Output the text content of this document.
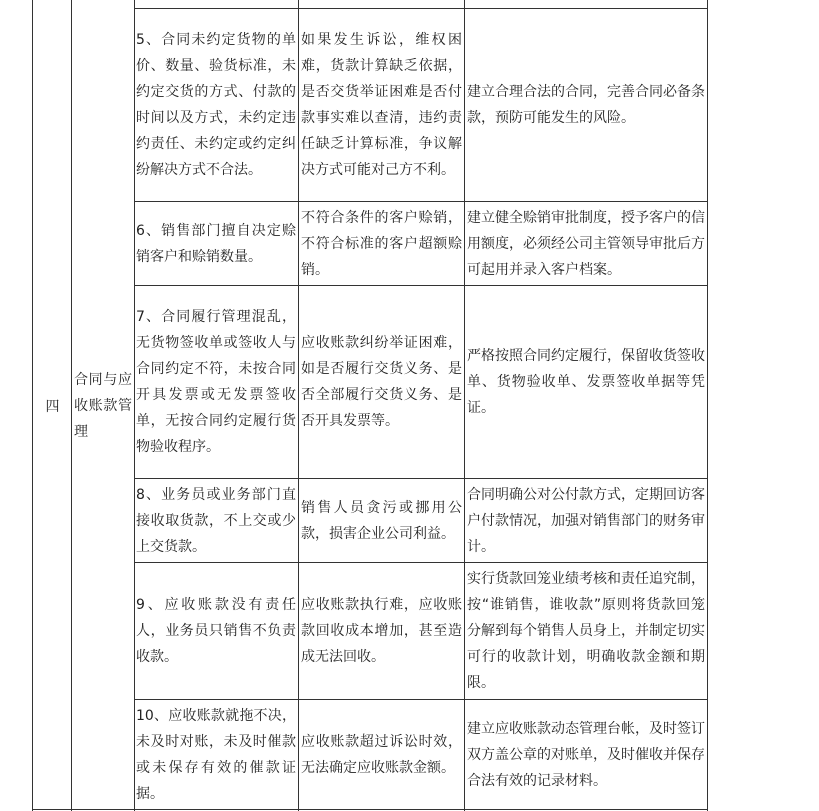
四
合同与应收账款管理
5、合同未约定货物的单价、数量、验货标准，未约定交货的方式、付款的时间以及方式，未约定违约责任、未约定或约定纠纷解决方式不合法。
如果发生诉讼，维权困难，货款计算缺乏依据，是否交货举证困难是否付款事实难以查清，违约责任缺乏计算标准，争议解决方式可能对己方不利。
建立合理合法的合同，完善合同必备条款，预防可能发生的风险。
6、销售部门擅自决定赊销客户和赊销数量。
不符合条件的客户赊销，不符合标准的客户超额赊销。
建立健全赊销审批制度，授予客户的信用额度，必须经公司主管领导审批后方可起用并录入客户档案。
7、合同履行管理混乱，无货物签收单或签收人与合同约定不符，未按合同开具发票或无发票签收单，无按合同约定履行货物验收程序。
应收账款纠纷举证困难，如是否履行交货义务、是否全部履行交货义务、是否开具发票等。
严格按照合同约定履行，保留收货签收单、货物验收单、发票签收单据等凭证。
8、业务员或业务部门直接收取货款，不上交或少上交货款。
销售人员贪污或挪用公款，损害企业公司利益。
合同明确公对公付款方式，定期回访客户付款情况，加强对销售部门的财务审计。
9、应收账款没有责任人，业务员只销售不负责收款。
应收账款执行难，应收账款回收成本增加，甚至造成无法回收。
实行货款回笼业绩考核和责任追究制，按“谁销售，谁收款”原则将货款回笼分解到每个销售人员身上，并制定切实可行的收款计划，明确收款金额和期限。
10、应收账款就拖不决，未及时对账，未及时催款或未保存有效的催款证据。
应收账款超过诉讼时效，无法确定应收账款金额。
建立应收账款动态管理台帐，及时签订双方盖公章的对账单，及时催收并保存合法有效的记录材料。
